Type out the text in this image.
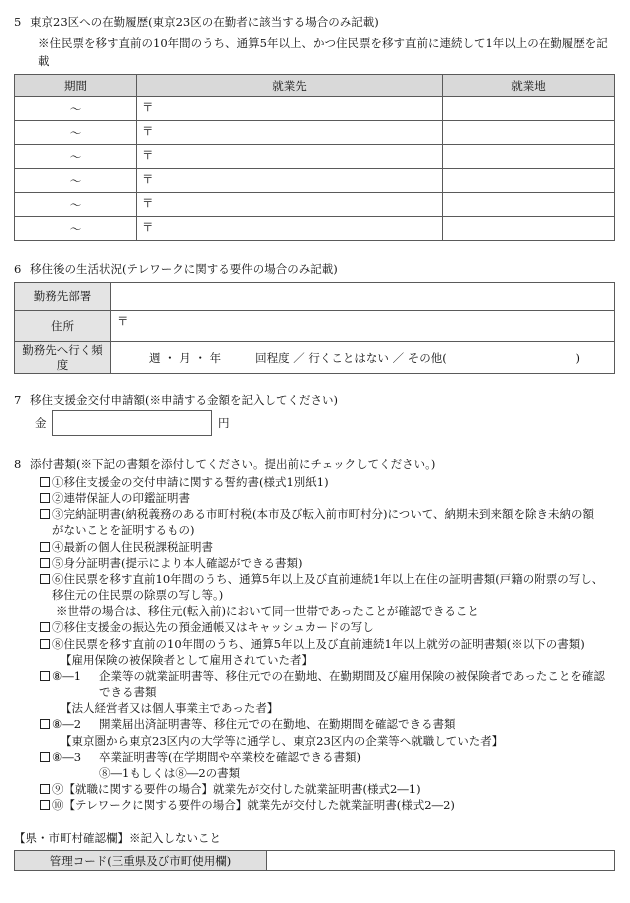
5 東京23区への在勤履歴(東京23区の在勤者に該当する場合のみ記載)
※住民票を移す直前の10年間のうち、通算5年以上、かつ住民票を移す直前に連続して1年以上の在勤履歴を記
載
期間	就業先	就業地
～	〒	
～	〒	
～	〒	
～	〒	
～	〒	
～	〒	
6 移住後の生活状況(テレワークに関する要件の場合のみ記載)
勤務先部署	
住所	〒

勤務先へ行く頻
度	週 ・ 月 ・ 年 回程度 ／ 行くことはない ／ その他( )
7 移住支援金交付申請額(※申請する金額を記入してください)
金	円
8 添付書類(※下記の書類を添付してください。提出前にチェックしてください。)
①移住支援金の交付申請に関する誓約書(様式1別紙1)
②連帯保証人の印鑑証明書
③完納証明書(納税義務のある市町村税(本市及び転入前市町村分)について、納期未到来額を除き未納の額
がないことを証明するもの)
④最新の個人住民税課税証明書
⑤身分証明書(提示により本人確認ができる書類)
⑥住民票を移す直前10年間のうち、通算5年以上及び直前連続1年以上在住の証明書類(戸籍の附票の写し、
移住元の住民票の除票の写し等。)
※世帯の場合は、移住元(転入前)において同一世帯であったことが確認できること
⑦移住支援金の振込先の預金通帳又はキャッシュカードの写し
⑧住民票を移す直前の10年間のうち、通算5年以上及び直前連続1年以上就労の証明書類(※以下の書類)
【雇用保険の被保険者として雇用されていた者】
⑧―1	企業等の就業証明書等、移住元での在勤地、在勤期間及び雇用保険の被保険者であったことを確認
できる書類
【法人経営者又は個人事業主であった者】
⑧―2	開業届出済証明書等、移住元での在勤地、在勤期間を確認できる書類
【東京圏から東京23区内の大学等に通学し、東京23区内の企業等へ就職していた者】
⑧―3	卒業証明書等(在学期間や卒業校を確認できる書類)
⑧―1もしくは⑧―2の書類
⑨【就職に関する要件の場合】就業先が交付した就業証明書(様式2―1)
⑩【テレワークに関する要件の場合】就業先が交付した就業証明書(様式2―2)
【県・市町村確認欄】※記入しないこと
管理コード(三重県及び市町使用欄)	
